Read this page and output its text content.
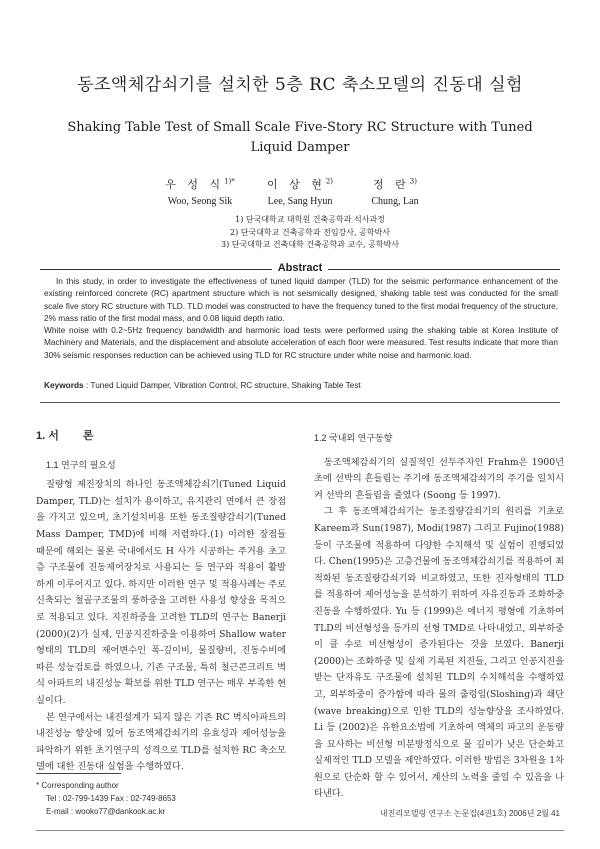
동조액체감쇠기를 설치한 5층 RC 축소모델의 진동대 실험
Shaking Table Test of Small Scale Five-Story RC Structure with Tuned Liquid Damper
우 성 식$^{1)*}$
Woo, Seong Sik
이 상 현$^{2)}$
Lee, Sang Hyun
정 란$^{3)}$
Chung, Lan
1) 단국대학교 대학원 건축공학과 석사과정
2) 단국대학교 건축공학과 전임강사, 공학박사
3) 단국대학교 건축대학 건축공학과 교수, 공학박사
Abstract

In this study, in order to investigate the effectiveness of tuned liquid damper (TLD) for the seismic performance enhancement of the existing reinforced concrete (RC) apartment structure which is not seismically designed, shaking table test was conducted for the small scale five story RC structure with TLD. TLD model was constructed to have the frequency tuned to the first modal frequency of the structure, 2% mass ratio of the first modal mass, and 0.08 liquid depth ratio.

White noise with 0.2~5Hz frequency bandwidth and harmonic load tests were performed using the shaking table at Korea Institute of Machinery and Materials, and the displacement and absolute acceleration of each floor were measured. Test results indicate that more than 30% seismic responses reduction can be achieved using TLD for RC structure under white noise and harmonic load.

Keywords : Tuned Liquid Damper, Vibration Control, RC structure, Shaking Table Test
1. 서 론
1.1 연구의 필요성

질량형 제진장치의 하나인 동조액체감쇠기(Tuned Liquid Damper, TLD)는 설치가 용이하고, 유지관리 면에서 큰 장점을 가지고 있으며, 초기설치비용 또한 동조질량감쇠기(Tuned Mass Damper, TMD)에 비해 저렴하다.(1) 이러한 장점들 때문에 해외는 물론 국내에서도 H 사가 시공하는 주거용 초고층 구조물에 진동제어장치로 사용되는 등 연구와 적용이 활발하게 이루어지고 있다. 하지만 이러한 연구 및 적용사례는 주로 신축되는 철골구조물의 풍하중을 고려한 사용성 향상을 목적으로 적용되고 있다. 지진하중을 고려한 TLD의 연구는 Banerji (2000)(2)가 실제, 인공지진하중을 이용하여 Shallow water 형태의 TLD의 제어변수인 폭-깊이비, 물질량비, 진동수비에 따른 성능검토를 하였으나, 기존 구조물, 특히 철근콘크리트 벽식 아파트의 내진성능 확보를 위한 TLD 연구는 매우 부족한 현실이다.

본 연구에서는 내진설계가 되지 않은 기존 RC 벽식아파트의 내진성능 향상에 있어 동조액체감쇠기의 유효성과 제어성능을 파악하기 위한 초기연구의 성격으로 TLD를 설치한 RC 축소모델에 대한 진동대 실험을 수행하였다.

1.2 국내외 연구동향

동조액체감쇠기의 실질적인 선두주자인 Frahm은 1900년 초에 선박의 흔들림는 주기에 동조액체감쇠기의 주기를 일치시켜 선박의 흔들림을 줄였다 (Soong 등 1997).

그 후 동조액체감쇠기는 동조질량감쇠기의 원리를 기초로 Kareem과 Sun(1987), Modi(1987) 그리고 Fujino(1988) 등이 구조물에 적용하여 다양한 수치해석 및 실험이 진행되었다. Chen(1995)은 고층건물에 동조액체감쇠기를 적용하여 최적화된 동조질량감쇠기와 비교하였고, 또한 진자형태의 TLD를 적용하여 제어성능을 분석하기 위하여 자유진동과 조화하중 진동을 수행하였다. Yu 등 (1999)은 에너지 평형에 기초하여 TLD의 비선형성을 등가의 선형 TMD로 나타내었고, 외부하중이 클 수로 비선형성이 증가된다는 것을 보였다. Banerji (2000)는 조화하중 및 실제 기록된 지진들, 그리고 인공지진을 받는 단자유도 구조물에 설치된 TLD의 수치해석을 수행하였고, 외부하중이 증가함에 따라 물의 출렁임(Sloshing)과 쇄단(wave breaking)으로 인한 TLD의 성능향상을 조사하였다. Li 등 (2002)은 유한요소법에 기초하여 액체의 파고의 운동량을 묘사하는 비선형 미분방정식으로 물 깊이가 낮은 단순화고 실제적인 TLD 모델을 제안하였다. 이러한 방법은 3차원을 1차원으로 단순화 할 수 있어서, 계산의 노력을 줄일 수 있음을 나타낸다.

* Corresponding author
Tel : 02-799-1439 Fax : 02-749-8653
E-mail : wooko77@dankook.ac.kr	내진리모델링 연구소 논문집(4권1호) 2006년 2월 41
